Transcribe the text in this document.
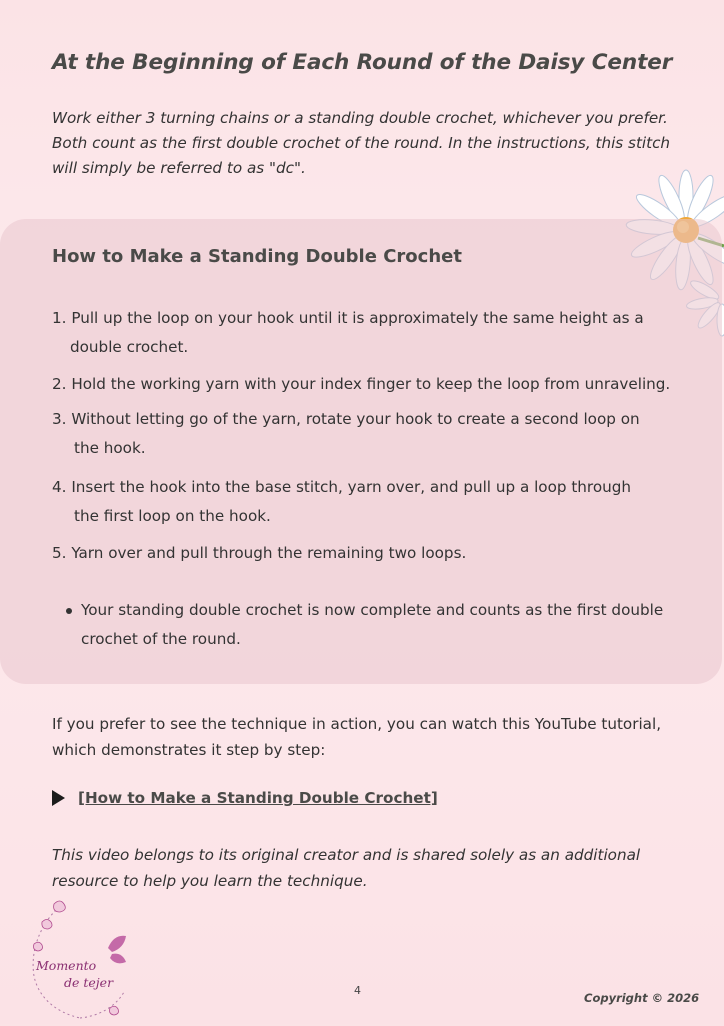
At the Beginning of Each Round of the Daisy Center
Work either 3 turning chains or a standing double crochet, whichever you prefer.
Both count as the first double crochet of the round. In the instructions, this stitch
will simply be referred to as "dc".
How to Make a Standing Double Crochet
1. Pull up the loop on your hook until it is approximately the same height as a
double crochet.
2. Hold the working yarn with your index finger to keep the loop from unraveling.
3. Without letting go of the yarn, rotate your hook to create a second loop on
the hook.
4. Insert the hook into the base stitch, yarn over, and pull up a loop through
the first loop on the hook.
5. Yarn over and pull through the remaining two loops.
Your standing double crochet is now complete and counts as the first double
crochet of the round.
If you prefer to see the technique in action, you can watch this YouTube tutorial,
which demonstrates it step by step:
[How to Make a Standing Double Crochet]
This video belongs to its original creator and is shared solely as an additional
resource to help you learn the technique.
Momento
de tejer
4
Copyright © 2026
